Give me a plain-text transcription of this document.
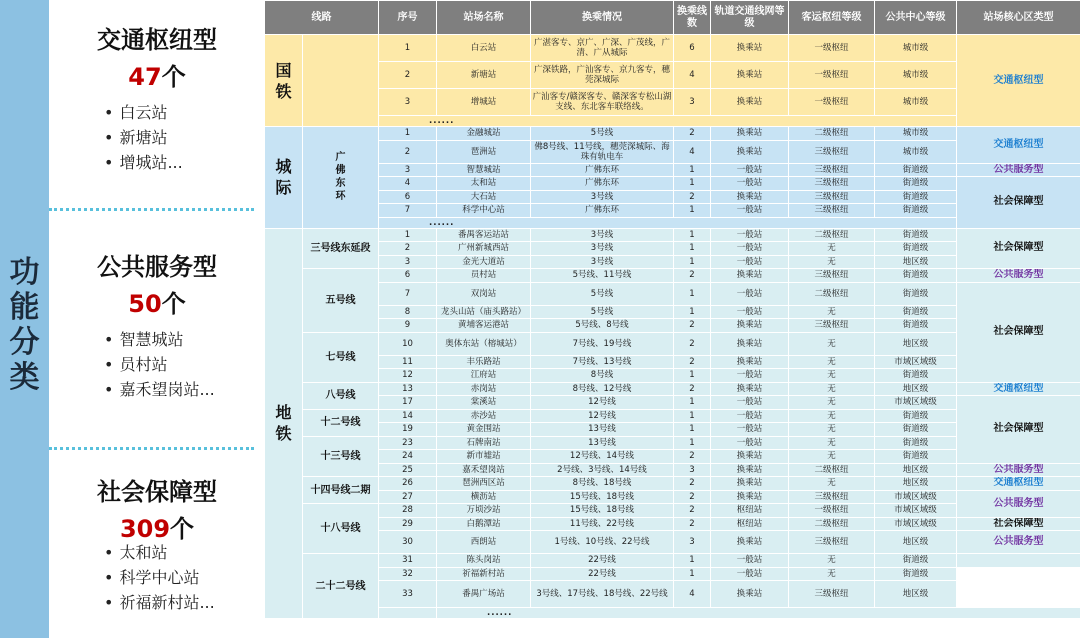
功
能
分
类
交通枢纽型
47个
• 白云站
• 新塘站
• 增城站...
公共服务型
50个
• 智慧城站
• 员村站
• 嘉禾望岗站...
社会保障型
309个
• 太和站
• 科学中心站
• 祈福新村站...
线路		序号	站场名称	换乘情况	换乘线数	轨道交通线网等级	客运枢纽等级	公共中心等级	站场核心区类型	
国
铁		1	白云站	广湛客专、京广、广深、广茂线，广清、广从城际	6	换乘站	一级枢纽	城市级	交通枢纽型	
		2	新塘站	广深铁路，广汕客专、京九客专，穗莞深城际	4	换乘站	一级枢纽	城市级		
		3	增城站	广汕客专/赣深客专、赣深客专松山湖支线、东北客车联络线。	3	换乘站	一级枢纽	城市级		
		......								
城
际	广
佛
东
环	1	金融城站	5号线	2	换乘站	二级枢纽	城市级	交通枢纽型	
		2	琶洲站	佛8号线、11号线，穗莞深城际、海珠有轨电车	4	换乘站	三级枢纽	城市级		
		3	智慧城站	广佛东环	1	一般站	三级枢纽	街道级	公共服务型	
		4	太和站	广佛东环	1	一般站	三级枢纽	街道级	社会保障型	
		6	大石站	3号线	2	换乘站	三级枢纽	街道级		
		7	科学中心站	广佛东环	1	一般站	三级枢纽	街道级		
		......								
地
铁	三号线东延段	1	番禺客运站站	3号线	1	一般站	二级枢纽	街道级	社会保障型	
		2	广州新城西站	3号线	1	一般站	无	街道级		
		3	金光大道站	3号线	1	一般站	无	地区级		
	五号线	6	员村站	5号线、11号线	2	换乘站	三级枢纽	街道级	公共服务型	
		7	双岗站	5号线	1	一般站	二级枢纽	街道级	社会保障型	
		8	龙头山站（庙头路站）	5号线	1	一般站	无	街道级		
		9	黄埔客运港站	5号线、8号线	2	换乘站	三级枢纽	街道级		
	七号线	10	奥体东站（榕城站）	7号线、19号线	2	换乘站	无	地区级		
		11	丰乐路站	7号线、13号线	2	换乘站	无	市域区域级		
		12	江府站	8号线	1	一般站	无	街道级		
	八号线	13	赤岗站	8号线、12号线	2	换乘站	无	地区级	交通枢纽型	
		17	棠溪站	12号线	1	一般站	无	市域区域级	社会保障型	
	十二号线	14	赤沙站	12号线	1	一般站	无	街道级		
		19	黄金围站	13号线	1	一般站	无	街道级		
	十三号线	23	石牌南站	13号线	1	一般站	无	街道级		
		24	新市墟站	12号线、14号线	2	换乘站	无	街道级		
		25	嘉禾望岗站	2号线、3号线、14号线	3	换乘站	二级枢纽	地区级	公共服务型	
	十四号线二期	26	琶洲西区站	8号线、18号线	2	换乘站	无	地区级	交通枢纽型	
		27	横沥站	15号线、18号线	2	换乘站	三级枢纽	市域区域级	公共服务型	
	十八号线	28	万顷沙站	15号线、18号线	2	枢纽站	一级枢纽	市域区域级		
		29	白鹅潭站	11号线、22号线	2	枢纽站	二级枢纽	市域区域级	社会保障型	
		30	西朗站	1号线、10号线、22号线	3	换乘站	三级枢纽	地区级	公共服务型	
	二十二号线	31	陈头岗站	22号线	1	一般站	无	街道级		
		32	祈福新村站	22号线	1	一般站	无	街道级		
		33	番禺广场站	3号线、17号线、18号线、22号线	4	换乘站	三级枢纽	地区级		
			......							
